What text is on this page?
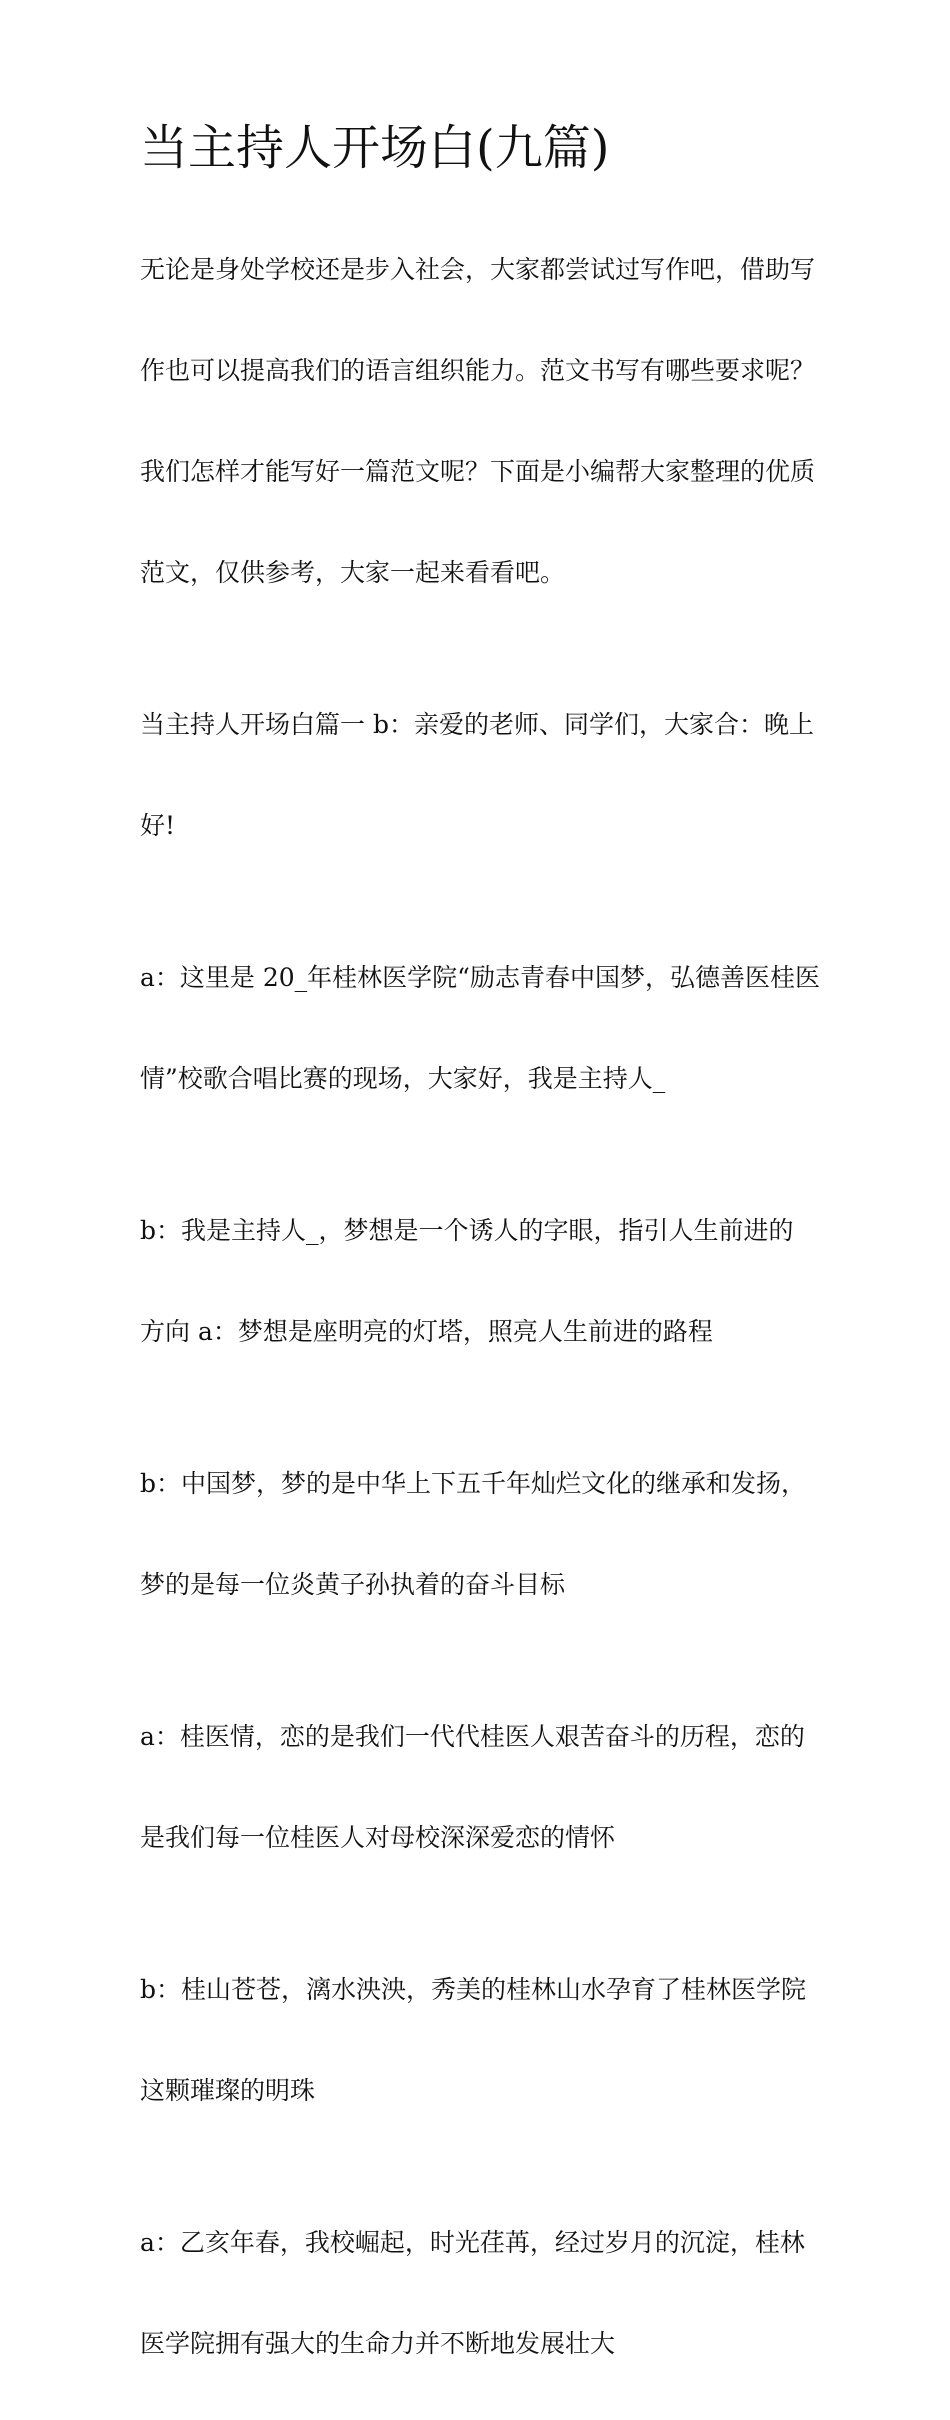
当主持人开场白(九篇)

无论是身处学校还是步入社会，大家都尝试过写作吧，借助写

作也可以提高我们的语言组织能力。范文书写有哪些要求呢？

我们怎样才能写好一篇范文呢？下面是小编帮大家整理的优质

范文，仅供参考，大家一起来看看吧。

当主持人开场白篇一 b：亲爱的老师、同学们，大家合：晚上

好!

a：这里是 20_年桂林医学院“励志青春中国梦，弘德善医桂医

情”校歌合唱比赛的现场，大家好，我是主持人_

b：我是主持人_，梦想是一个诱人的字眼，指引人生前进的

方向 a：梦想是座明亮的灯塔，照亮人生前进的路程

b：中国梦，梦的是中华上下五千年灿烂文化的继承和发扬，

梦的是每一位炎黄子孙执着的奋斗目标

a：桂医情，恋的是我们一代代桂医人艰苦奋斗的历程，恋的

是我们每一位桂医人对母校深深爱恋的情怀

b：桂山苍苍，漓水泱泱，秀美的桂林山水孕育了桂林医学院

这颗璀璨的明珠

a：乙亥年春，我校崛起，时光荏苒，经过岁月的沉淀，桂林

医学院拥有强大的生命力并不断地发展壮大
